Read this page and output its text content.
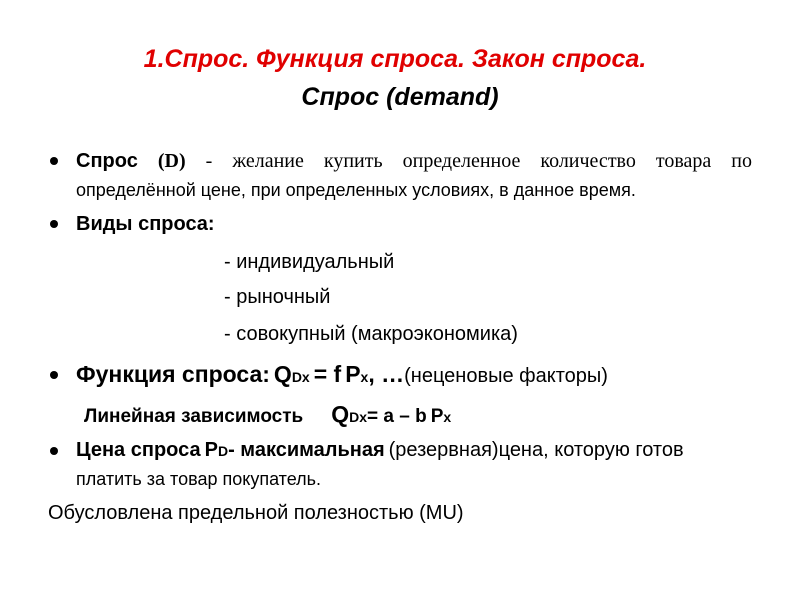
1.Спрос. Функция спроса. Закон спроса.
Спрос (demand)
Спрос (D) - желание купить определенное количество товара по
определённой цене, при определенных условиях, в данное время.
Виды спроса:
- индивидуальный
- рыночный
- совокупный (макроэкономика)
Функция спроса: QDx = f Px, …(неценовые факторы)
Линейная зависимость QDx= a – b Px
Цена спроса PD- максимальная (резервная)цена, которую готов
платить за товар покупатель.
Обусловлена предельной полезностью (MU)
